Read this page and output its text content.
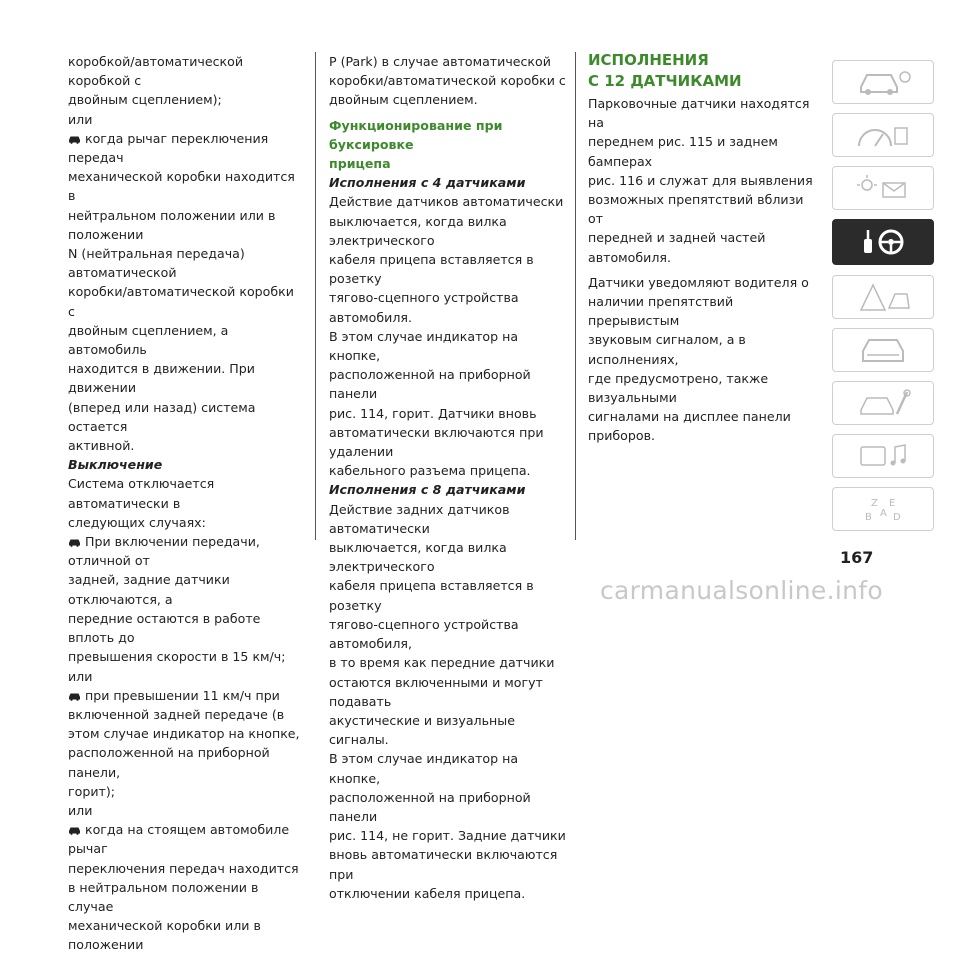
коробкой/автоматической коробкой с

двойным сцеплением);

или

когда рычаг переключения передач

механической коробки находится в

нейтральном положении или в положении

N (нейтральная передача) автоматической

коробки/автоматической коробки с

двойным сцеплением, а автомобиль

находится в движении. При движении

(вперед или назад) система остается

активной.

Выключение

Система отключается автоматически в

следующих случаях:

При включении передачи, отличной от

задней, задние датчики отключаются, а

передние остаются в работе вплоть до

превышения скорости в 15 км/ч;

или

при превышении 11 км/ч при

включенной задней передаче (в

этом случае индикатор на кнопке,

расположенной на приборной панели,

горит);

или

когда на стоящем автомобиле рычаг

переключения передач находится

в нейтральном положении в случае

механической коробки или в положении

P (Park) в случае автоматической

коробки/автоматической коробки с

двойным сцеплением.

Функционирование при буксировке

прицепа

Исполнения с 4 датчиками

Действие датчиков автоматически

выключается, когда вилка электрического

кабеля прицепа вставляется в розетку

тягово-сцепного устройства автомобиля.

В этом случае индикатор на кнопке,

расположенной на приборной панели

рис. 114, горит. Датчики вновь

автоматически включаются при удалении

кабельного разъема прицепа.

Исполнения с 8 датчиками

Действие задних датчиков автоматически

выключается, когда вилка электрического

кабеля прицепа вставляется в розетку

тягово-сцепного устройства автомобиля,

в то время как передние датчики

остаются включенными и могут подавать

акустические и визуальные сигналы.

В этом случае индикатор на кнопке,

расположенной на приборной панели

рис. 114, не горит. Задние датчики

вновь автоматически включаются при

отключении кабеля прицепа.

ИСПОЛНЕНИЯ

С 12 ДАТЧИКАМИ

Парковочные датчики находятся на

переднем рис. 115 и заднем бамперах

рис. 116 и служат для выявления

возможных препятствий вблизи от

передней и задней частей автомобиля.

Датчики уведомляют водителя о

наличии препятствий прерывистым

звуковым сигналом, а в исполнениях,

где предусмотрено, также визуальными

сигналами на дисплее панели приборов.

Z E
B A D
167
carmanualsonline.info
